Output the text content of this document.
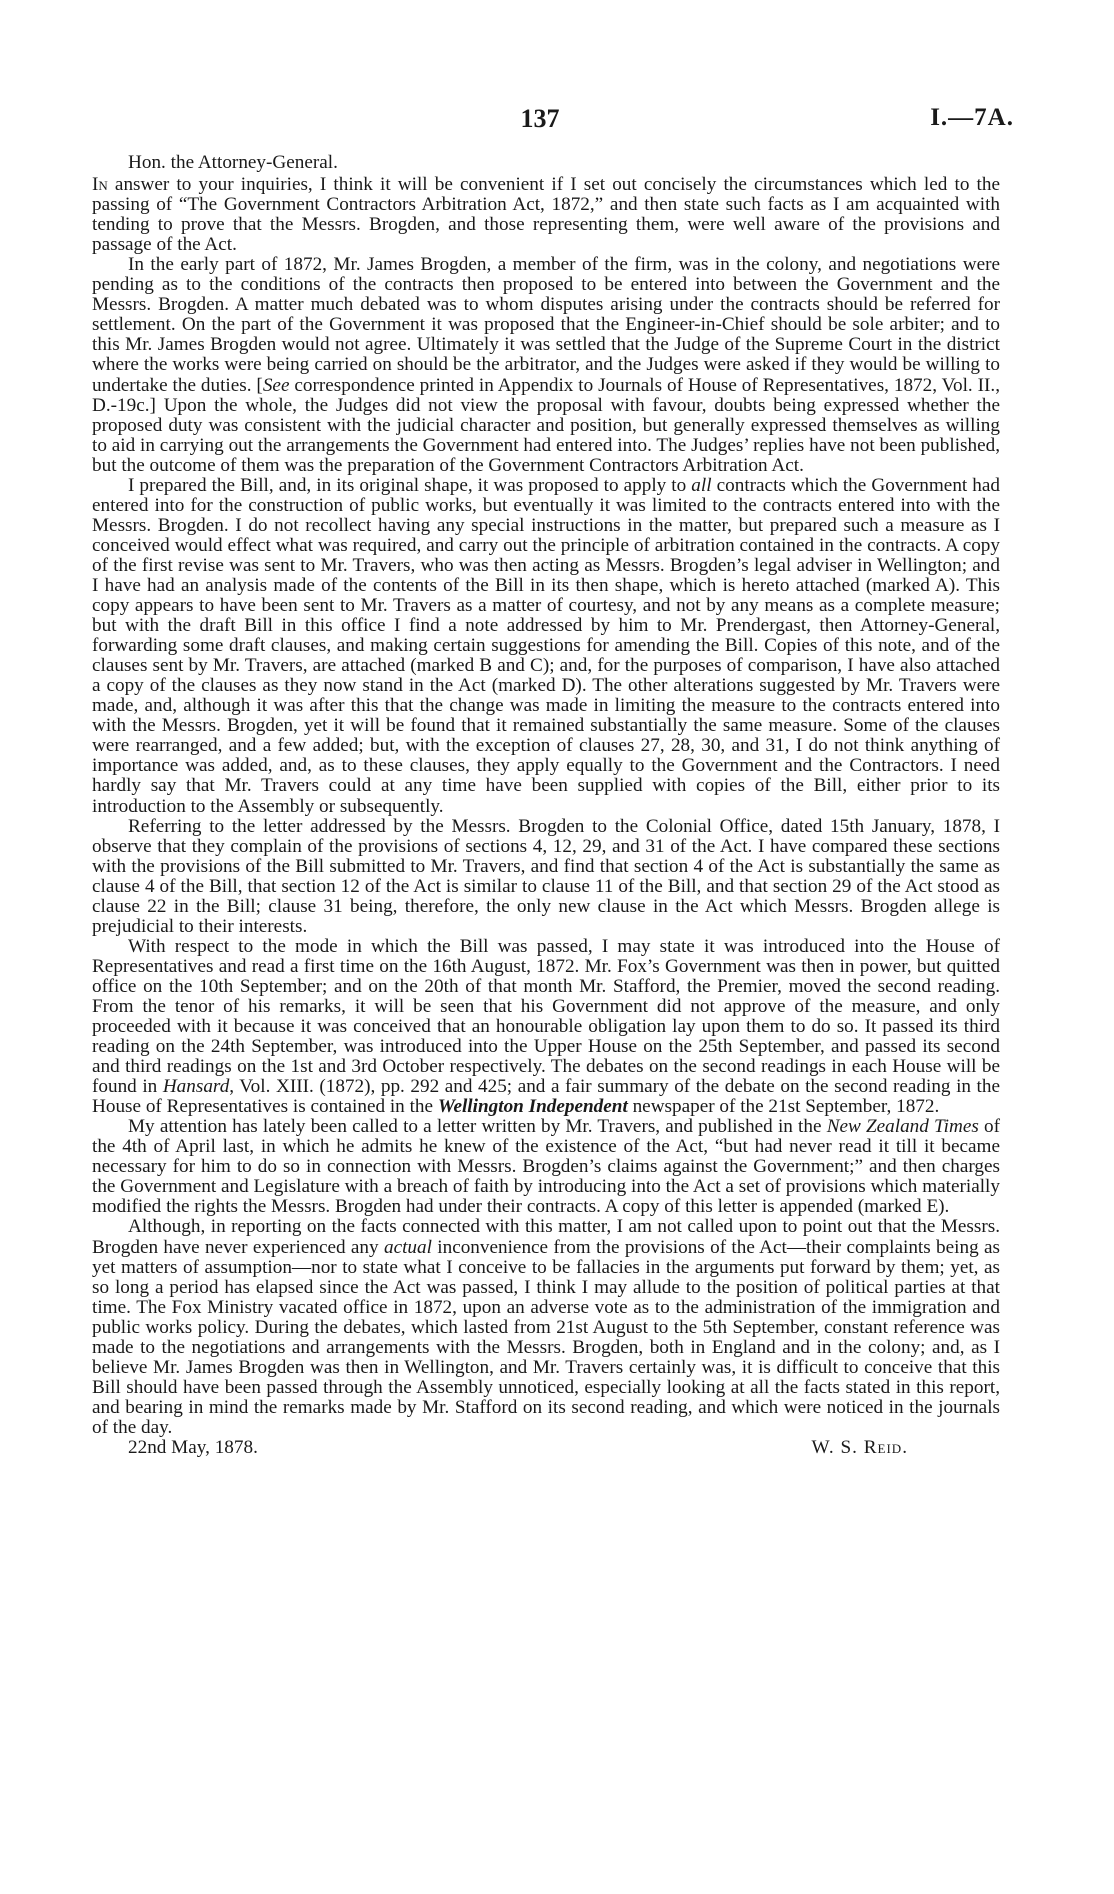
137	I.—7A.

Hon. the Attorney-General.

In answer to your inquiries, I think it will be convenient if I set out concisely the circumstances which led to the passing of “The Government Contractors Arbitration Act, 1872,” and then state such facts as I am acquainted with tending to prove that the Messrs. Brogden, and those representing them, were well aware of the provisions and passage of the Act.

In the early part of 1872, Mr. James Brogden, a member of the firm, was in the colony, and negotiations were pending as to the conditions of the contracts then proposed to be entered into between the Government and the Messrs. Brogden. A matter much debated was to whom disputes arising under the contracts should be referred for settlement. On the part of the Government it was proposed that the Engineer-in-Chief should be sole arbiter; and to this Mr. James Brogden would not agree. Ultimately it was settled that the Judge of the Supreme Court in the district where the works were being carried on should be the arbitrator, and the Judges were asked if they would be willing to undertake the duties. [See correspondence printed in Appendix to Journals of House of Representatives, 1872, Vol. II., D.-19c.] Upon the whole, the Judges did not view the proposal with favour, doubts being expressed whether the proposed duty was consistent with the judicial character and position, but generally expressed themselves as willing to aid in carrying out the arrangements the Government had entered into. The Judges’ replies have not been published, but the outcome of them was the preparation of the Government Contractors Arbitration Act.

I prepared the Bill, and, in its original shape, it was proposed to apply to all contracts which the Government had entered into for the construction of public works, but eventually it was limited to the contracts entered into with the Messrs. Brogden. I do not recollect having any special instructions in the matter, but prepared such a measure as I conceived would effect what was required, and carry out the principle of arbitration contained in the contracts. A copy of the first revise was sent to Mr. Travers, who was then acting as Messrs. Brogden’s legal adviser in Wellington; and I have had an analysis made of the contents of the Bill in its then shape, which is hereto attached (marked A). This copy appears to have been sent to Mr. Travers as a matter of courtesy, and not by any means as a complete measure; but with the draft Bill in this office I find a note addressed by him to Mr. Prendergast, then Attorney-General, forwarding some draft clauses, and making certain suggestions for amending the Bill. Copies of this note, and of the clauses sent by Mr. Travers, are attached (marked B and C); and, for the purposes of comparison, I have also attached a copy of the clauses as they now stand in the Act (marked D). The other alterations suggested by Mr. Travers were made, and, although it was after this that the change was made in limiting the measure to the contracts entered into with the Messrs. Brogden, yet it will be found that it remained substantially the same measure. Some of the clauses were rearranged, and a few added; but, with the exception of clauses 27, 28, 30, and 31, I do not think anything of importance was added, and, as to these clauses, they apply equally to the Government and the Contractors. I need hardly say that Mr. Travers could at any time have been supplied with copies of the Bill, either prior to its introduction to the Assembly or subsequently.

Referring to the letter addressed by the Messrs. Brogden to the Colonial Office, dated 15th January, 1878, I observe that they complain of the provisions of sections 4, 12, 29, and 31 of the Act. I have compared these sections with the provisions of the Bill submitted to Mr. Travers, and find that section 4 of the Act is substantially the same as clause 4 of the Bill, that section 12 of the Act is similar to clause 11 of the Bill, and that section 29 of the Act stood as clause 22 in the Bill; clause 31 being, therefore, the only new clause in the Act which Messrs. Brogden allege is prejudicial to their interests.

With respect to the mode in which the Bill was passed, I may state it was introduced into the House of Representatives and read a first time on the 16th August, 1872. Mr. Fox’s Government was then in power, but quitted office on the 10th September; and on the 20th of that month Mr. Stafford, the Premier, moved the second reading. From the tenor of his remarks, it will be seen that his Government did not approve of the measure, and only proceeded with it because it was conceived that an honourable obligation lay upon them to do so. It passed its third reading on the 24th September, was introduced into the Upper House on the 25th September, and passed its second and third readings on the 1st and 3rd October respectively. The debates on the second readings in each House will be found in Hansard, Vol. XIII. (1872), pp. 292 and 425; and a fair summary of the debate on the second reading in the House of Representatives is contained in the Wellington Independent newspaper of the 21st September, 1872.

My attention has lately been called to a letter written by Mr. Travers, and published in the New Zealand Times of the 4th of April last, in which he admits he knew of the existence of the Act, “but had never read it till it became necessary for him to do so in connection with Messrs. Brogden’s claims against the Government;” and then charges the Government and Legislature with a breach of faith by introducing into the Act a set of provisions which materially modified the rights the Messrs. Brogden had under their contracts. A copy of this letter is appended (marked E).

Although, in reporting on the facts connected with this matter, I am not called upon to point out that the Messrs. Brogden have never experienced any actual inconvenience from the provisions of the Act—their complaints being as yet matters of assumption—nor to state what I conceive to be fallacies in the arguments put forward by them; yet, as so long a period has elapsed since the Act was passed, I think I may allude to the position of political parties at that time. The Fox Ministry vacated office in 1872, upon an adverse vote as to the administration of the immigration and public works policy. During the debates, which lasted from 21st August to the 5th September, constant reference was made to the negotiations and arrangements with the Messrs. Brogden, both in England and in the colony; and, as I believe Mr. James Brogden was then in Wellington, and Mr. Travers certainly was, it is difficult to conceive that this Bill should have been passed through the Assembly unnoticed, especially looking at all the facts stated in this report, and bearing in mind the remarks made by Mr. Stafford on its second reading, and which were noticed in the journals of the day.

22nd May, 1878.	W. S. Reid.
